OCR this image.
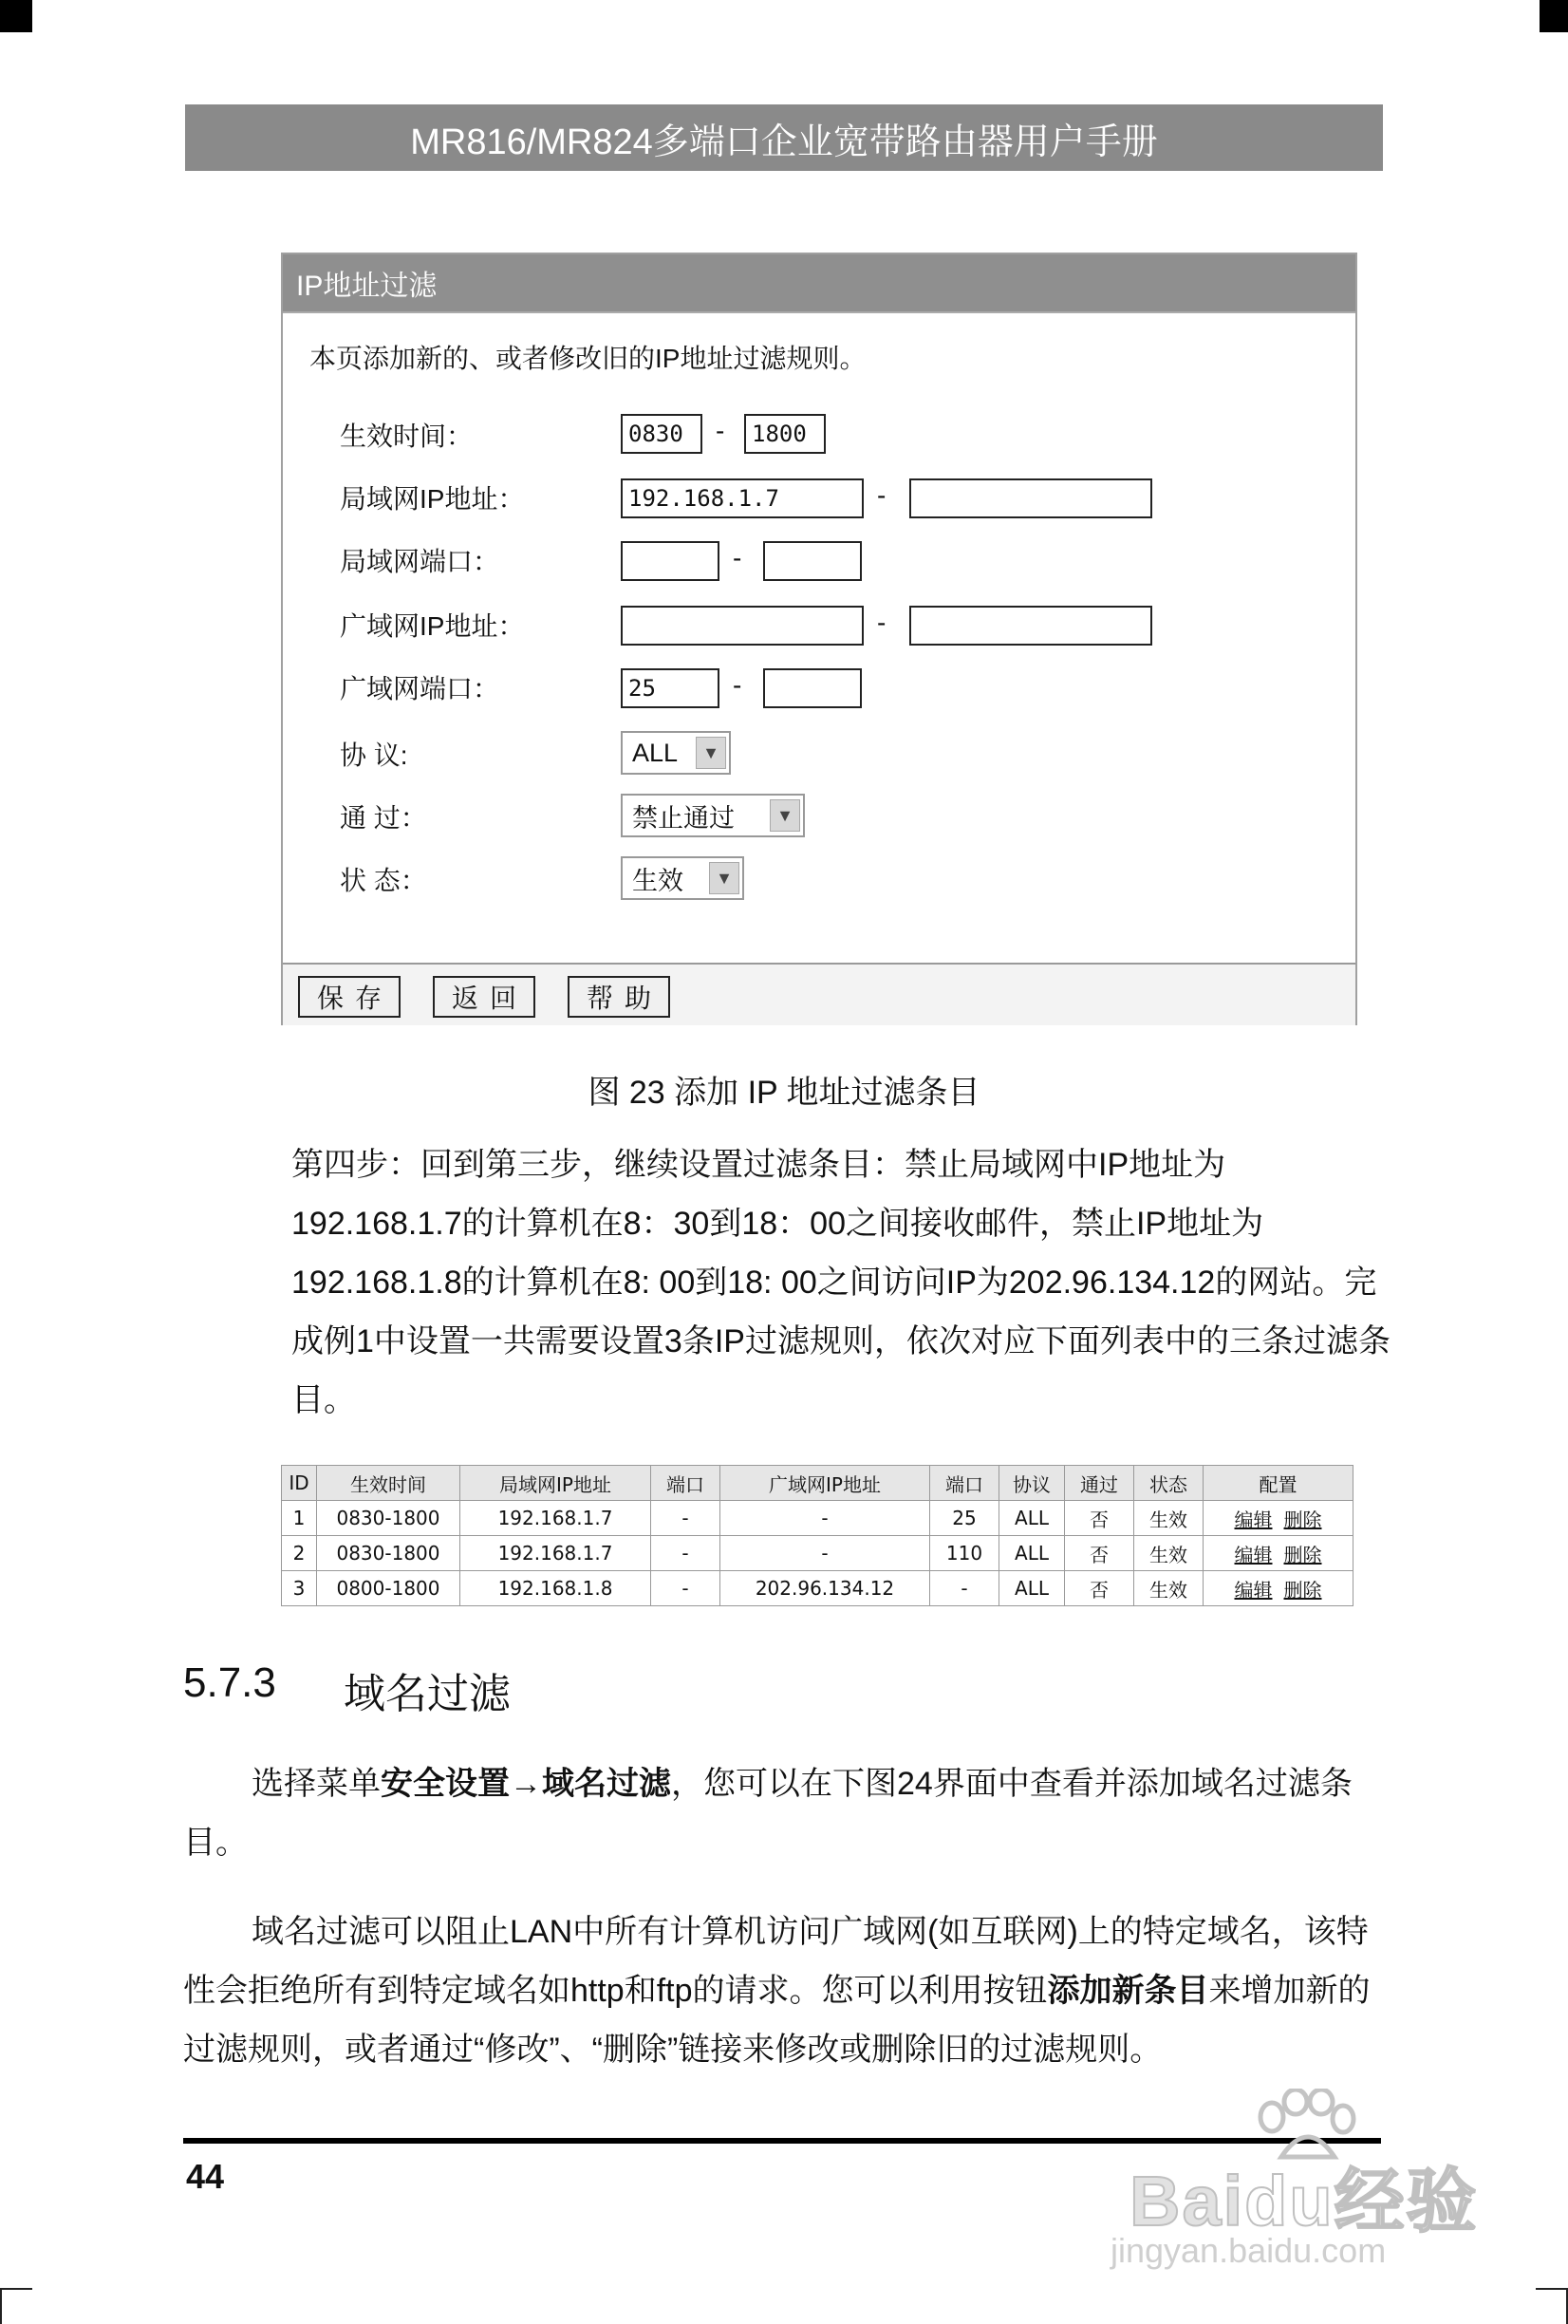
MR816/MR824多端口企业宽带路由器用户手册
IP地址过滤
本页添加新的、或者修改旧的IP地址过滤规则。
生效时间：	0830	-	1800
局域网IP地址：	192.168.1.7	-
局域网端口：	-
广域网IP地址：	-
广域网端口：	25	-
协 议:	ALL	▼
通 过：	禁止通过	▼
状 态：	生效	▼
保存	返回	帮助
图 23 添加 IP 地址过滤条目
第四步：回到第三步，继续设置过滤条目：禁止局域网中IP地址为192.168.1.7的计算机在8：30到18：00之间接收邮件，禁止IP地址为192.168.1.8的计算机在8: 00到18: 00之间访问IP为202.96.134.12的网站。完成例1中设置一共需要设置3条IP过滤规则，依次对应下面列表中的三条过滤条目。
ID	生效时间	局域网IP地址	端口	广域网IP地址	端口	协议	通过	状态	配置
1	0830-1800	192.168.1.7	-	-	25	ALL	否	生效	编辑 删除
2	0830-1800	192.168.1.7	-	-	110	ALL	否	生效	编辑 删除
3	0800-1800	192.168.1.8	-	202.96.134.12	-	ALL	否	生效	编辑 删除
5.7.3 域名过滤
选择菜单安全设置→域名过滤，您可以在下图24界面中查看并添加域名过滤条目。
域名过滤可以阻止LAN中所有计算机访问广域网(如互联网)上的特定域名，该特性会拒绝所有到特定域名如http和ftp的请求。您可以利用按钮添加新条目来增加新的过滤规则，或者通过“修改”、“删除”链接来修改或删除旧的过滤规则。
44	Baidu经验
jingyan.baidu.com
